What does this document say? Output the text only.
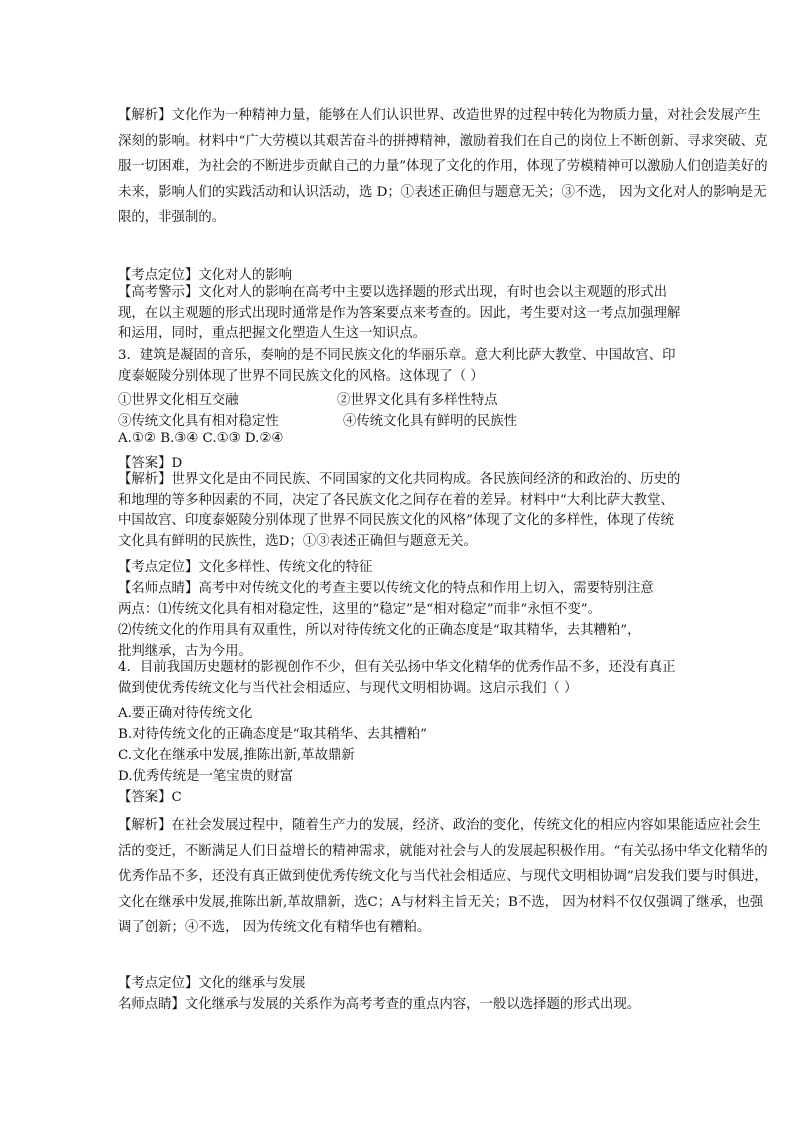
【解析】文化作为一种精神力量，能够在人们认识世界、改造世界的过程中转化为物质力量，对社会发展产生深刻的影响。材料中“广大劳模以其艰苦奋斗的拼搏精神，激励着我们在自己的岗位上不断创新、寻求突破、克服一切困难，为社会的不断进步贡献自己的力量”体现了文化的作用，体现了劳模精神可以激励人们创造美好的未来，影响人们的实践活动和认识活动，选 D；①表述正确但与题意无关；③不选， 因为文化对人的影响是无限的，非强制的。

【考点定位】文化对人的影响

【高考警示】文化对人的影响在高考中主要以选择题的形式出现，有时也会以主观题的形式出现，在以主观题的形式出现时通常是作为答案要点来考查的。因此，考生要对这一考点加强理解和运用，同时，重点把握文化塑造人生这一知识点。

3．建筑是凝固的音乐，奏响的是不同民族文化的华丽乐章。意大利比萨大教堂、中国故宫、印度泰姬陵分别体现了世界不同民族文化的风格。这体现了（ ）

①世界文化相互交融	②世界文化具有多样性特点

③传统文化具有相对稳定性	④传统文化具有鲜明的民族性

A.①② B.③④ C.①③ D.②④

【答案】D

【解析】世界文化是由不同民族、不同国家的文化共同构成。各民族间经济的和政治的、历史的和地理的等多种因素的不同，决定了各民族文化之间存在着的差异。材料中“大利比萨大教堂、中国故宫、印度泰姬陵分别体现了世界不同民族文化的风格”体现了文化的多样性，体现了传统文化具有鲜明的民族性，选D；①③表述正确但与题意无关。

【考点定位】文化多样性、传统文化的特征

【名师点睛】高考中对传统文化的考查主要以传统文化的特点和作用上切入，需要特别注意

两点：⑴传统文化具有相对稳定性，这里的“稳定”是“相对稳定”而非“永恒不变”。

⑵传统文化的作用具有双重性，所以对待传统文化的正确态度是“取其精华，去其糟粕”，

批判继承，古为今用。

4．目前我国历史题材的影视创作不少，但有关弘扬中华文化精华的优秀作品不多，还没有真正做到使优秀传统文化与当代社会相适应、与现代文明相协调。这启示我们（ ）

A.要正确对待传统文化

B.对待传统文化的正确态度是“取其稍华、去其槽粕”

C.文化在继承中发展,推陈出新,革故鼎新

D.优秀传统是一笔宝贵的财富

【答案】C

【解析】在社会发展过程中，随着生产力的发展，经济、政治的变化，传统文化的相应内容如果能适应社会生活的变迁，不断满足人们日益增长的精神需求，就能对社会与人的发展起积极作用。“有关弘扬中华文化精华的优秀作品不多，还没有真正做到使优秀传统文化与当代社会相适应、与现代文明相协调”启发我们要与时俱进，文化在继承中发展,推陈出新,革故鼎新，选C；A与材料主旨无关；B不选， 因为材料不仅仅强调了继承，也强调了创新；④不选， 因为传统文化有精华也有糟粕。

【考点定位】文化的继承与发展

名师点睛】文化继承与发展的关系作为高考考查的重点内容，一般以选择题的形式出现。
